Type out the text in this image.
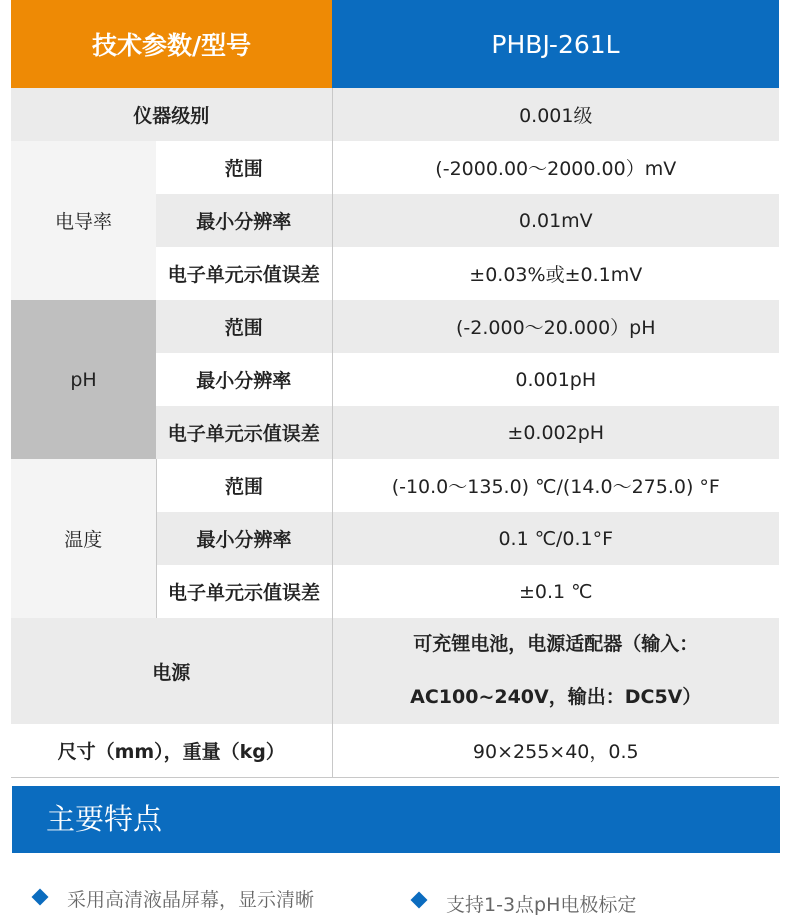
技术参数/型号		PHBJ-261L
仪器级别		0.001级
电导率	范围	(-2000.00～2000.00）mV
	最小分辨率	0.01mV
	电子单元示值误差	±0.03%或±0.1mV
pH	范围	(-2.000～20.000）pH
	最小分辨率	0.001pH
	电子单元示值误差	±0.002pH
温度	范围	(-10.0～135.0) ℃/(14.0～275.0) °F
	最小分辨率	0.1 ℃/0.1°F
	电子单元示值误差	±0.1 ℃
电源		可充锂电池，电源适配器（输入：
AC100~240V，输出：DC5V）

尺寸（mm），重量（kg）		90×255×40，0.5
主要特点
采用高清液晶屏幕，显示清晰	支持1-3点pH电极标定
